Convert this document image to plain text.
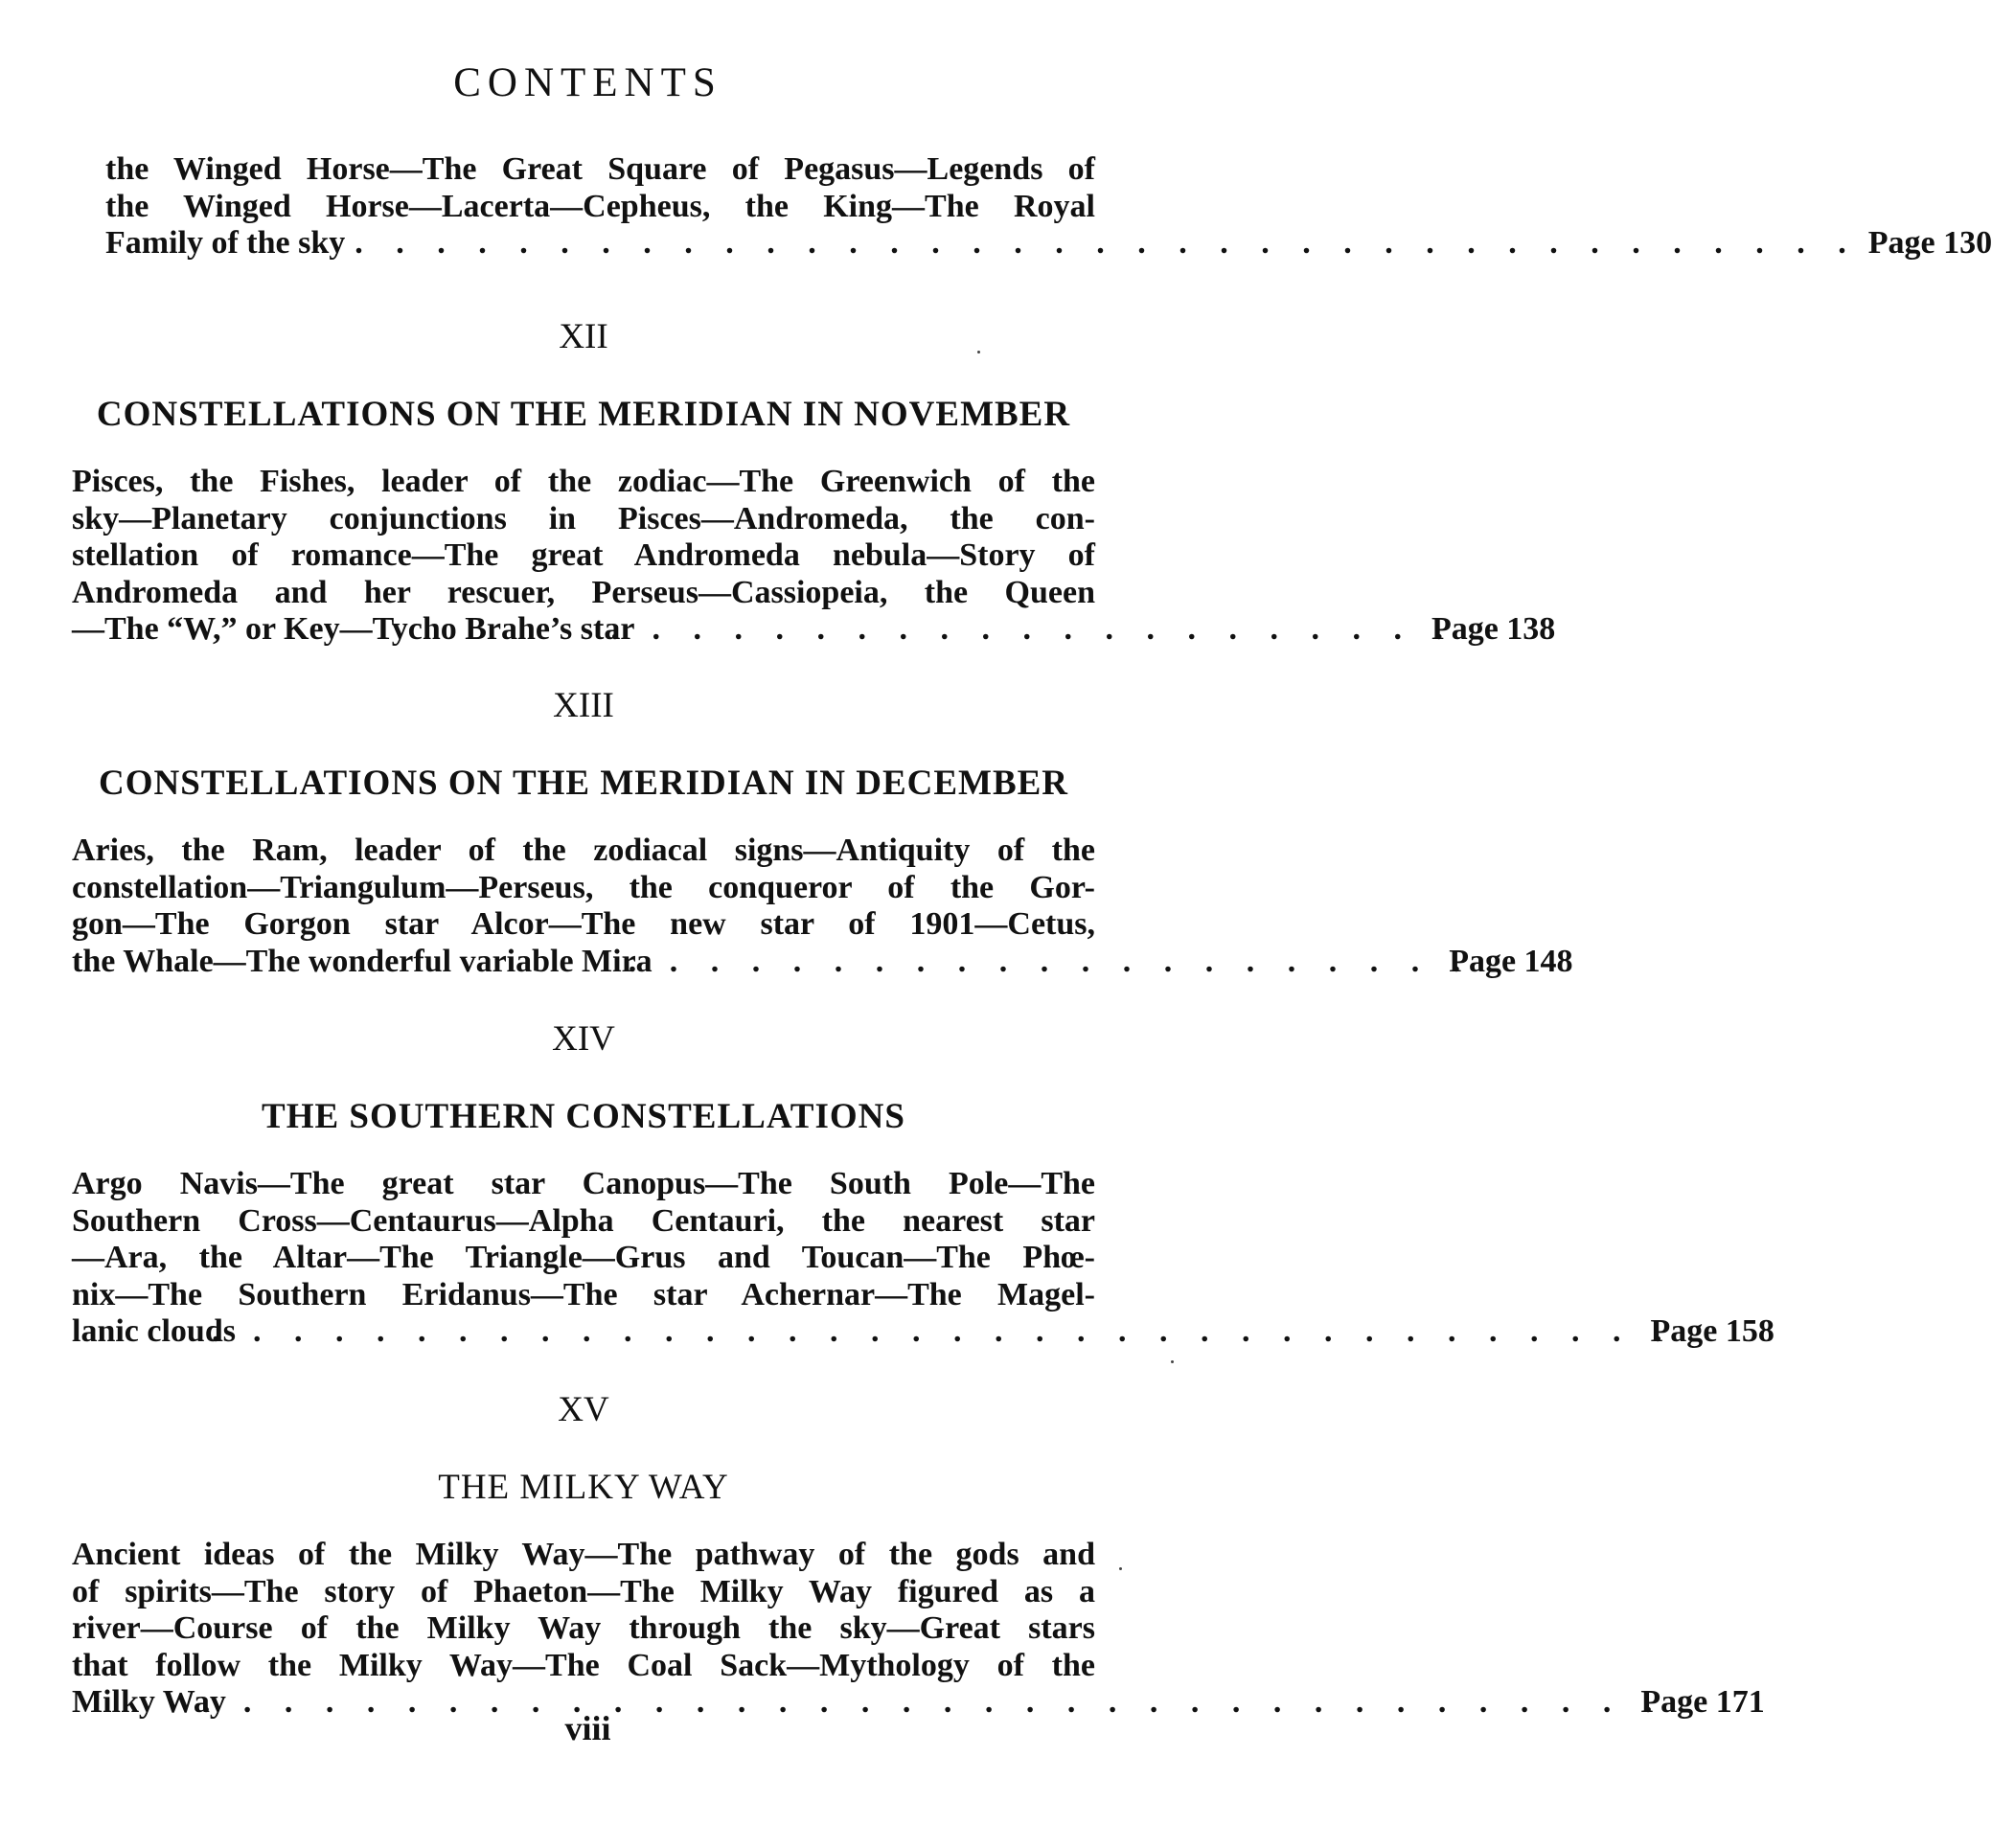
CONTENTS
the Winged Horse—The Great Square of Pegasus—Legends of
the Winged Horse—Lacerta—Cepheus, the King—The Royal
Family of the sky . . . . . . . . . . . . . . . . . . . . . . . . . . . . . . . . . . . . . Page 130
XII
CONSTELLATIONS ON THE MERIDIAN IN NOVEMBER
Pisces, the Fishes, leader of the zodiac—The Greenwich of the
sky—Planetary conjunctions in Pisces—Andromeda, the con-
stellation of romance—The great Andromeda nebula—Story of
Andromeda and her rescuer, Perseus—Cassiopeia, the Queen
—The “W,” or Key—Tycho Brahe’s star
. . . . . . . . . . . . . . . . . . . . .
Page 138
XIII
CONSTELLATIONS ON THE MERIDIAN IN DECEMBER
Aries, the Ram, leader of the zodiacal signs—Antiquity of the
constellation—Triangulum—Perseus, the conqueror of the Gor-
gon—The Gorgon star Alcor—The new star of 1901—Cetus,
the Whale—The wonderful variable Mira
. . . . . . . . . . . . . . . . . . . . .
Page 148
XIV
THE SOUTHERN CONSTELLATIONS
Argo Navis—The great star Canopus—The South Pole—The
Southern Cross—Centaurus—Alpha Centauri, the nearest star
—Ara, the Altar—The Triangle—Grus and Toucan—The Phœ-
nix—The Southern Eridanus—The star Achernar—The Magel-
lanic clouds
. . . . . . . . . . . . . . . . . . . . . . . . . . . . . . . . . . . .
Page 158
XV
THE MILKY WAY
Ancient ideas of the Milky Way—The pathway of the gods and
of spirits—The story of Phaeton—The Milky Way figured as a
river—Course of the Milky Way through the sky—Great stars
that follow the Milky Way—The Coal Sack—Mythology of the
Milky Way
. . . . . . . . . . . . . . . . . . . . . . . . . . . . . . . . . . . .
Page 171
viii
